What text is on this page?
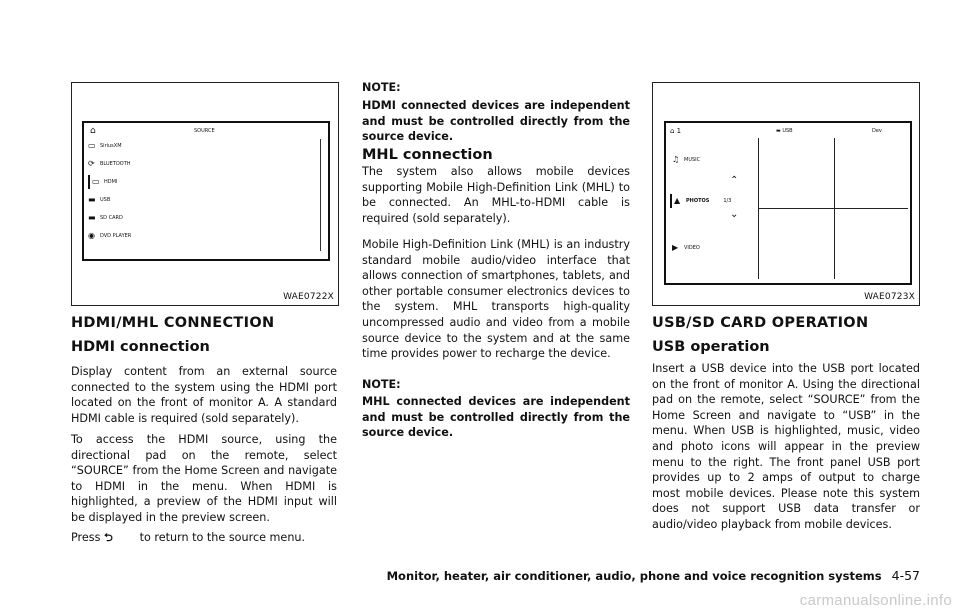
⌂	SOURCE
▭ SiriusXM
⟳	BLUETOOTH
▭ HDMI
▬ USB
▬ SD CARD
◉	DVD PLAYER
WAE0722X
HDMI/MHL CONNECTION
HDMI connection

Display content from an external source connected to the system using the HDMI port located on the front of monitor A. A standard HDMI cable is required (sold separately).

To access the HDMI source, using the directional pad on the remote, select “SOURCE” from the Home Screen and navigate to HDMI in the menu. When HDMI is highlighted, a preview of the HDMI input will be displayed in the preview screen.

Press ⮌ to return to the source menu.

NOTE:

HDMI connected devices are independent and must be controlled directly from the source device.

MHL connection

The system also allows mobile devices supporting Mobile High-Definition Link (MHL) to be connected. An MHL-to-HDMI cable is required (sold separately).

Mobile High-Definition Link (MHL) is an industry standard mobile audio/video interface that allows connection of smartphones, tablets, and other portable consumer electronics devices to the system. MHL transports high-quality uncompressed audio and video from a mobile source device to the system and at the same time provides power to recharge the device.

NOTE:

MHL connected devices are independent and must be controlled directly from the source device.

⌂ 1	▬ USB	Dev
♫ MUSIC
⌃
▲	PHOTOS	1/3
⌄
▶	VIDEO
WAE0723X
USB/SD CARD OPERATION
USB operation

Insert a USB device into the USB port located on the front of monitor A. Using the directional pad on the remote, select “SOURCE” from the Home Screen and navigate to “USB” in the menu. When USB is highlighted, music, video and photo icons will appear in the preview menu to the right. The front panel USB port provides up to 2 amps of output to charge most mobile devices. Please note this system does not support USB data transfer or audio/video playback from mobile devices.

Monitor, heater, air conditioner, audio, phone and voice recognition systems 4-57
carmanualsonline.info
